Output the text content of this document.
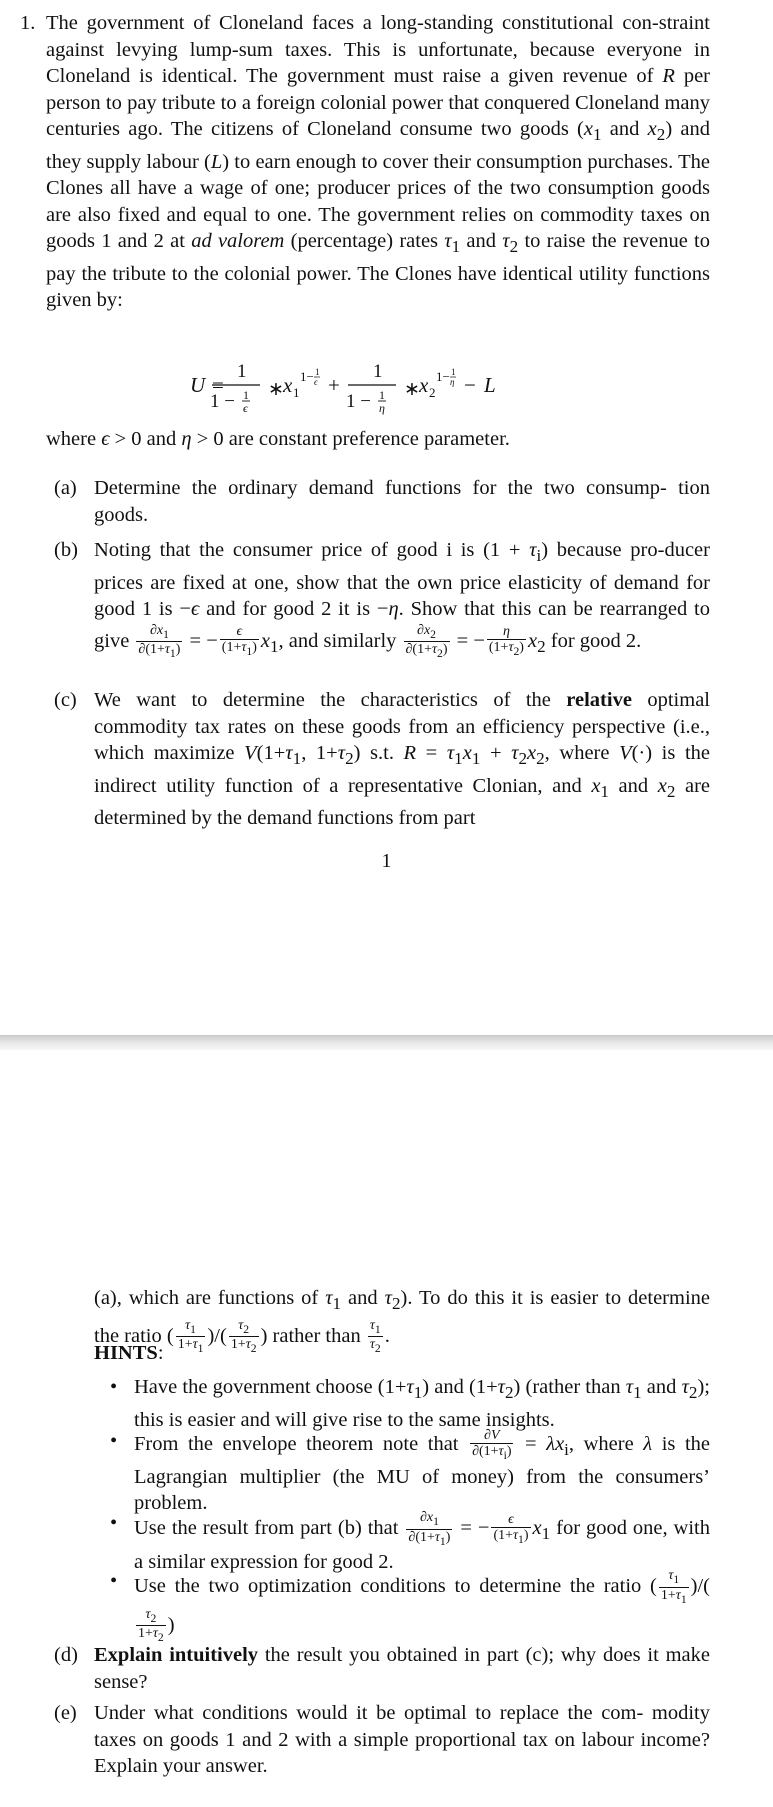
1. The government of Cloneland faces a long-standing constitutional con-straint against levying lump-sum taxes. This is unfortunate, because everyone in Cloneland is identical. The government must raise a given revenue of R per person to pay tribute to a foreign colonial power that conquered Cloneland many centuries ago. The citizens of Cloneland consume two goods ($x_1$ and $x_2$) and they supply labour (L) to earn enough to cover their consumption purchases. The Clones all have a wage of one; producer prices of the two consumption goods are also fixed and equal to one. The government relies on commodity taxes on goods 1 and 2 at ad valorem (percentage) rates $\tau_1$ and $\tau_2$ to raise the revenue to pay the tribute to the colonial power. The Clones have identical utility functions given by:
U =
1
1 − 1
ϵ
∗ x 1
1− 1
ϵ +
1
1 − 1
η
∗ x 2
1− 1
η − L
where ϵ > 0 and η > 0 are constant preference parameter.
(a) Determine the ordinary demand functions for the two consump- tion goods.
(b) Noting that the consumer price of good i is $(1 + \tau_i)$ because pro-ducer prices are fixed at one, show that the own price elasticity of demand for good 1 is −ϵ and for good 2 it is −η. Show that this can be rearranged to give $\frac{\partial x_1}{\partial(1+\tau_1)}$ = − $\frac{\epsilon}{(1+\tau_1)} x_1$, and similarly $\frac{\partial x_2}{\partial(1+\tau_2)}$ = − $\frac{\eta}{(1+\tau_2)} x_2$ for good 2.
(c) We want to determine the characteristics of the relative optimal commodity tax rates on these goods from an efficiency perspective (i.e., which maximize $V(1+\tau_1$, $1+\tau_2$) s.t. $R = \tau_1x_1 + \tau_2x_2$, where V(·) is the indirect utility function of a representative Clonian, and $x_1$ and $x_2$ are determined by the demand functions from part
1
(a), which are functions of $\tau_1$ and $\tau_2$). To do this it is easier to determine the ratio ( $\frac{\tau_1}{1+\tau_1}$ )/( $\frac{\tau_2}{1+\tau_2}$ ) rather than $\frac{\tau_1}{\tau_2}$ .
HINTS:
• Have the government choose $(1+\tau_1)$ and $(1+\tau_2)$ (rather than $\tau_1$ and $\tau_2$); this is easier and will give rise to the same insights.
• From the envelope theorem note that $\frac{\partial V}{\partial(1+\tau_i)} = \lambda x_i$, where λ is the Lagrangian multiplier (the MU of money) from the consumers’ problem.
• Use the result from part (b) that $\frac{\partial x_1}{\partial(1+\tau_1)}$ = − $\frac{\epsilon}{(1+\tau_1)} x_1$ for good one, with a similar expression for good 2.
• Use the two optimization conditions to determine the ratio ( $\frac{\tau_1}{1+\tau_1}$ )/(
$\frac{\tau_2}{1+\tau_2}$ )
(d) Explain intuitively the result you obtained in part (c); why does it make sense?
(e) Under what conditions would it be optimal to replace the com- modity taxes on goods 1 and 2 with a simple proportional tax on labour income? Explain your answer.
